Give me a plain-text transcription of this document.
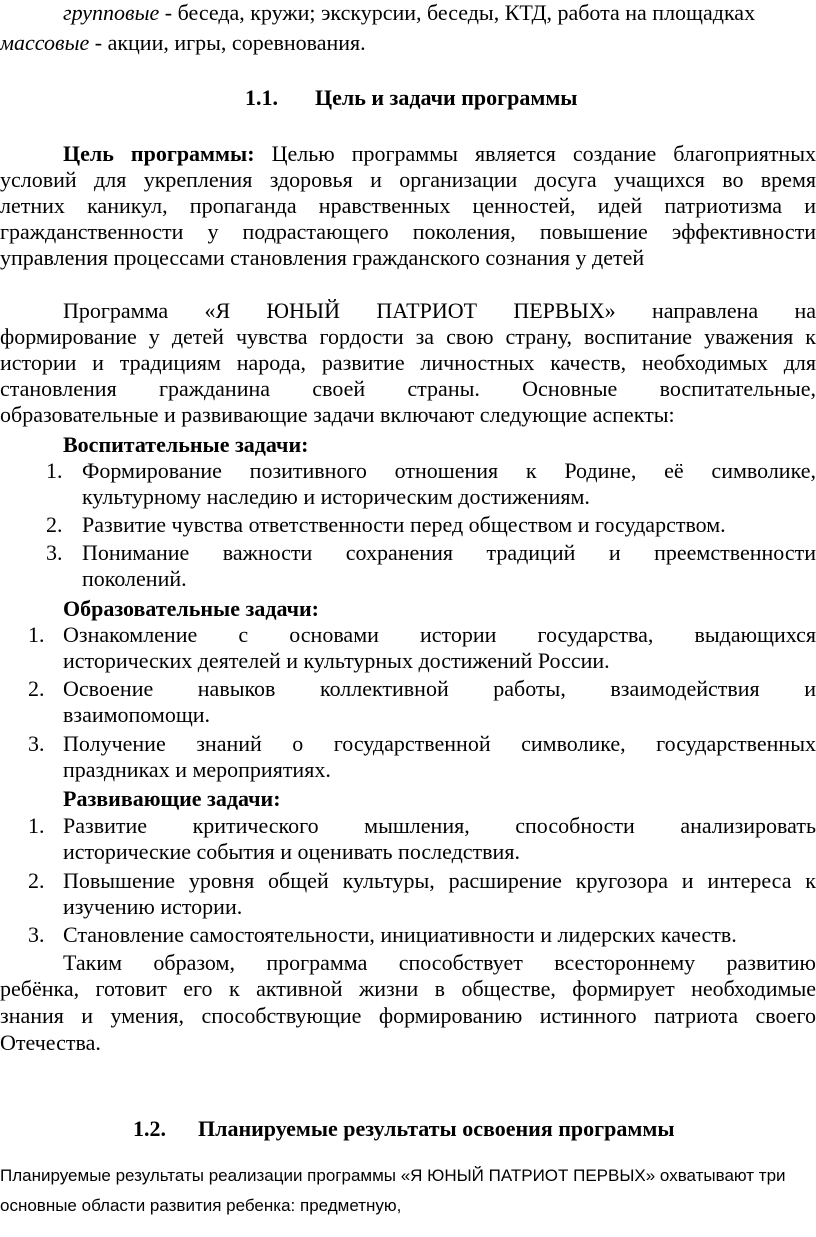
групповые - беседа, кружи; экскурсии, беседы, КТД, работа на площадках
массовые - акции, игры, соревнования.
1.1. Цель и задачи программы
Цель программы: Целью программы является создание благоприятных
условий для укрепления здоровья и организации досуга учащихся во время
летних каникул, пропаганда нравственных ценностей, идей патриотизма и
гражданственности у подрастающего поколения, повышение эффективности
управления процессами становления гражданского сознания у детей
Программа «Я ЮНЫЙ ПАТРИОТ ПЕРВЫХ» направлена на
формирование у детей чувства гордости за свою страну, воспитание уважения к
истории и традициям народа, развитие личностных качеств, необходимых для
становления гражданина своей страны. Основные воспитательные,
образовательные и развивающие задачи включают следующие аспекты:
Воспитательные задачи:
1. Формирование позитивного отношения к Родине, её символике,
культурному наследию и историческим достижениям.
2. Развитие чувства ответственности перед обществом и государством.
3. Понимание важности сохранения традиций и преемственности
поколений.
Образовательные задачи:
1. Ознакомление с основами истории государства, выдающихся
исторических деятелей и культурных достижений России.
2. Освоение навыков коллективной работы, взаимодействия и
взаимопомощи.
3. Получение знаний о государственной символике, государственных
праздниках и мероприятиях.
Развивающие задачи:
1. Развитие критического мышления, способности анализировать
исторические события и оценивать последствия.
2. Повышение уровня общей культуры, расширение кругозора и интереса к
изучению истории.
3. Становление самостоятельности, инициативности и лидерских качеств.
Таким образом, программа способствует всестороннему развитию
ребёнка, готовит его к активной жизни в обществе, формирует необходимые
знания и умения, способствующие формированию истинного патриота своего
Отечества.
1.2. Планируемые результаты освоения программы
Планируемые результаты реализации программы «Я ЮНЫЙ ПАТРИОТ ПЕРВЫХ» охватывают три
основные области развития ребенка: предметную,
